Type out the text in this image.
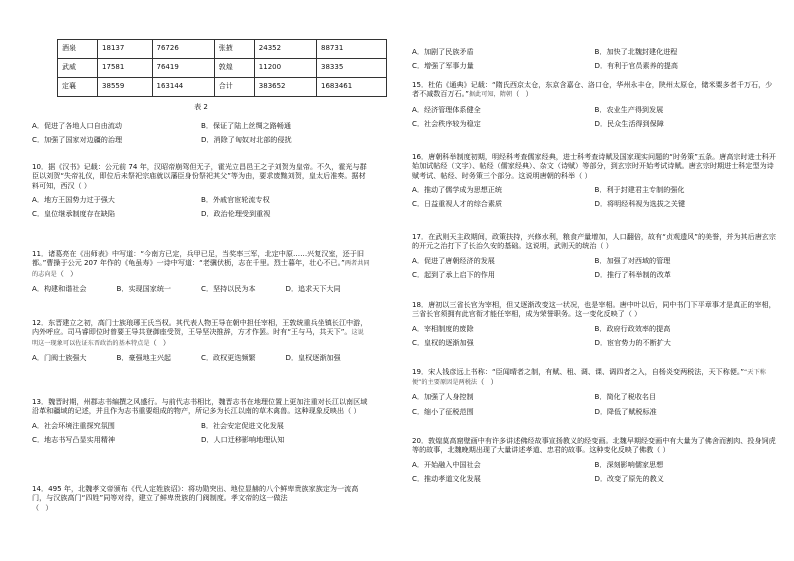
酒泉	18137	76726	张掖	24352	88731
武威	17581	76419	敦煌	11200	38335
定襄	38559	163144	合计	383652	1683461
表 2
A．促进了各地人口自由流动	B．保证了陆上丝绸之路畅通
C．加强了国家对边疆的治理	D．消除了匈奴对北部的侵扰

10．据《汉书》记载：公元前 74 年，汉昭帝崩驾但无子，霍光立昌邑王之子刘贺为皇帝。不久，霍光与群臣以刘贺“失帝礼仪，即位后未祭祀宗庙就以藩臣身份祭祀其父”等为由，要求废黜刘贺，皇太后准奏。据材料可知，西汉（ ）

A．地方王国势力过于强大	B．外戚官宦轮流专权
C．皇位继承制度存在缺陷	D．政治伦理受到重视

11．诸葛亮在《出师表》中写道：“今南方已定，兵甲已足，当奖率三军，北定中原……兴复汉室，还于旧都。”曹操于公元 207 年作的《龟虽寿》一诗中写道：“老骥伏枥，志在千里。烈士暮年，壮心不已。”两者共同的志向是（ ）

A．构建和谐社会	B．实现国家统一	C．坚持以民为本	D．追求天下大同

12．东晋建立之初，高门士族琅琊王氏当权。其代表人物王导在朝中担任宰相，王敦统重兵坐镇长江中游，内外呼应。司马睿即位时曾要王导共登御座受贺，王导坚决推辞，方才作罢。时有“王与马，共天下”。这说明这一现象可以佐证东晋政治的基本特点是（ ）

A．门阀士族强大	B．豪强地主兴起	C．政权更迭频繁	D．皇权逐渐加强

13．魏晋时期，州郡志书编撰之风盛行。与前代志书相比，魏晋志书在地理位置上更加注重对长江以南区域沿革和疆域的记述，并且作为志书重要组成的物产，所记多为长江以南的草木禽兽。这种现象反映出（ ）

A．社会环境注重探究氛围	B．社会安定促进文化发展
C．地志书写凸显实用精神	D．人口迁移影响地理认知

14．495 年，北魏孝文帝颁布《代人定姓族诏》：将功勋突出、地位显赫的八个鲜卑贵族家族定为一流高门，与汉族高门“四姓”同等对待，建立了鲜卑贵族的门阀制度。孝文帝的这一做法

（ ）

A．加剧了民族矛盾	B．加快了北魏封建化进程
C．增强了军事力量	D．有利于官员素养的提高

15．杜佑《通典》记载：“隋氏西京太仓，东京含嘉仓、洛口仓，华州永丰仓，陕州太原仓，储米粟多者千万石，少者不减数百万石。”据此可知，隋朝（ ）

A．经济管理体系健全	B．农业生产得到发展
C．社会秩序较为稳定	D．民众生活得到保障

16．唐朝科举制度初期，明经科考查儒家经典，进士科考查诗赋及国家现实问题的“时务策”五条。唐高宗时进士科开始加试帖经（文字）、帖经（儒家经典）、杂文（诗赋）等部分，到玄宗时开始考试诗赋。唐玄宗时期进士科定型为诗赋考试、帖经、时务策三个部分。这说明唐朝的科举（ ）

A．推动了儒学成为思想正统	B．利于封建君主专制的强化
C．日益重视人才的综合素质	D．将明经科视为选拔之关键

17．在武则天主政期间，政策扶持，兴修水利，粮食产量增加，人口翻倍，故有“贞观遗风”的美誉，并为其后唐玄宗的开元之治打下了长治久安的基础。这说明，武则天的统治（ ）

A．促进了唐朝经济的发展	B．加强了对西域的管理
C．起到了承上启下的作用	D．推行了科举制的改革

18．唐初以三省长官为宰相，但又逐渐改变这一状况，也是宰相。唐中叶以后，同中书门下平章事才是真正的宰相，三省长官须拥有此官衔才能任宰相，成为荣誉职务。这一变化反映了（ ）

A．宰相制度的废除	B．政府行政效率的提高
C．皇权的逐渐加强	D．宦官势力的不断扩大

19．宋人钱彦远上书称：“臣闻晴者之制，有赋、租、调、课、调四者之入，自杨炎变两税法，天下称便。”“天下称便”的主要原因是两税法（ ）

A．加强了人身控制	B．简化了税收名目
C．缩小了征税范围	D．降低了赋税标准

20．敦煌莫高窟壁画中有许多讲述佛经故事宣扬教义的经变画。北魏早期经变画中有大量为了佛舍而割肉、投身饲虎等的故事，北魏晚期出现了大量讲述孝道、忠君的故事。这种变化反映了佛教（ ）

A．开始融入中国社会	B．深刻影响儒家思想
C．推动孝道文化发展	D．改变了原先的教义
